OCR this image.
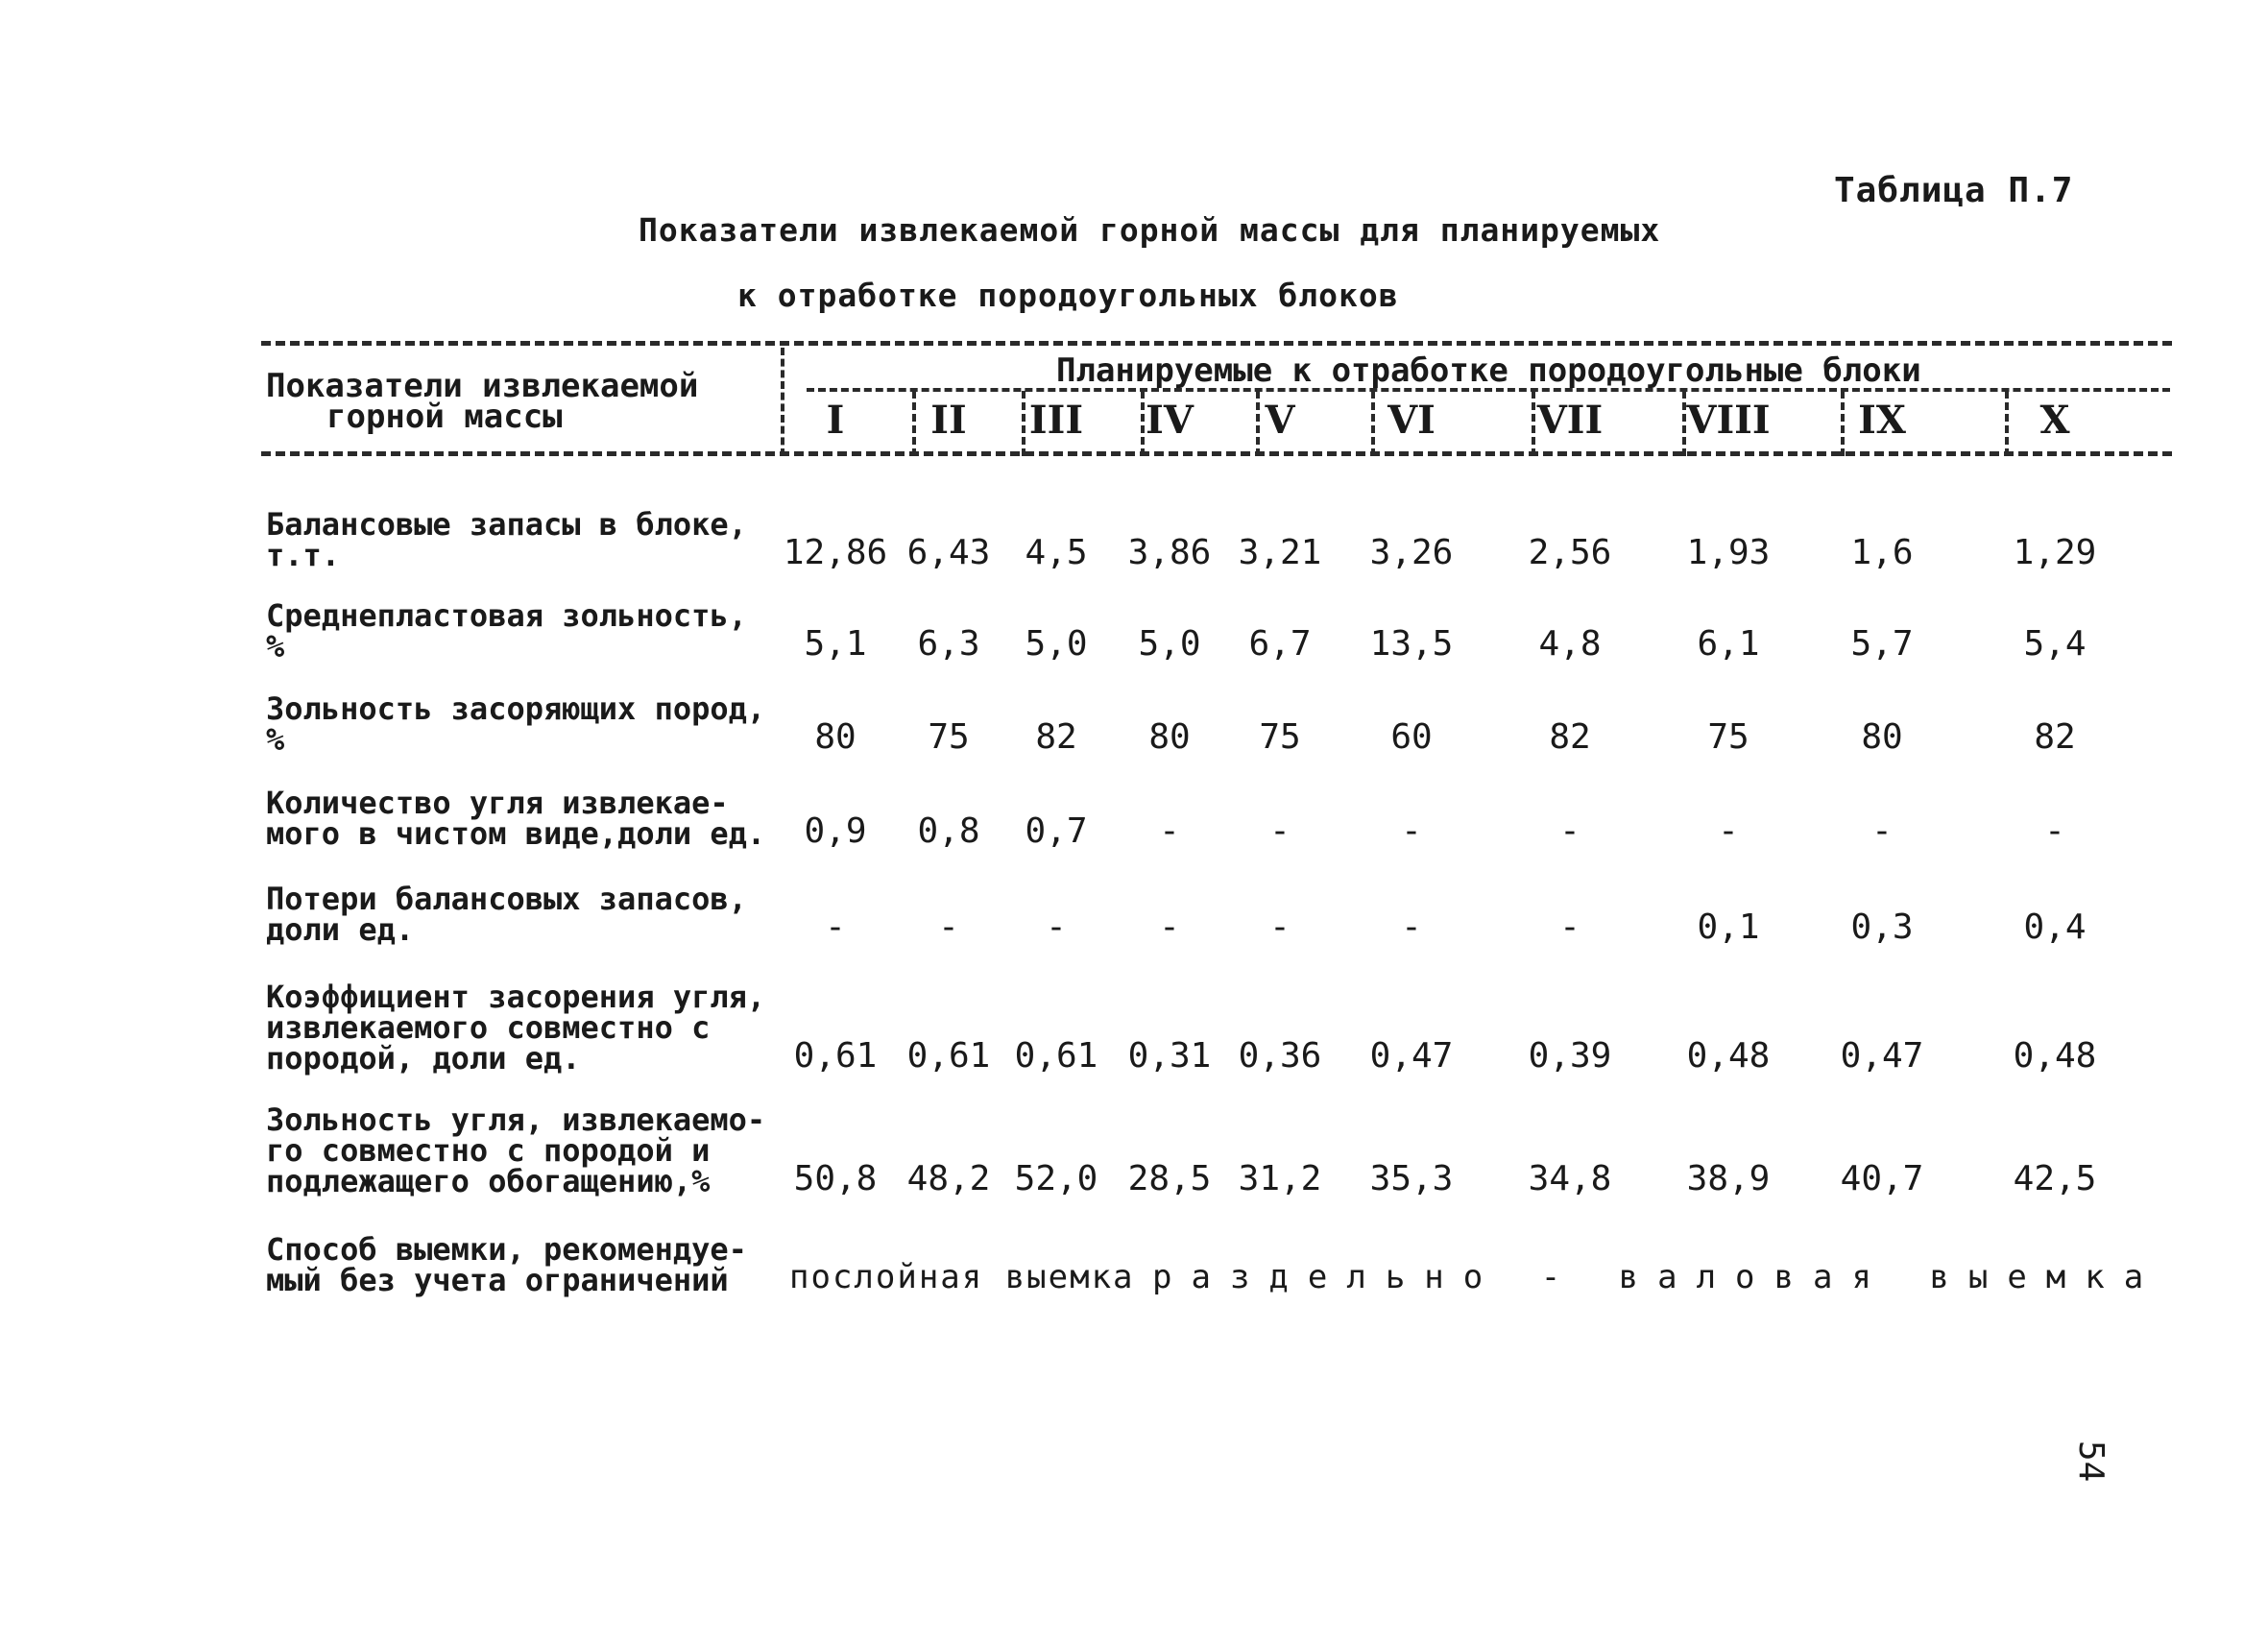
Таблица П.7
Показатели извлекаемой горной массы для планируемых
к отработке породоугольных блоков
Показатели извлекаемой
горной массы
Планируемые к отработке породоугольные блоки
I	II	III	IV	V	VI	VII	VIII	IX	X
Балансовые запасы в блоке,
т.т.	12,86 6,43	4,5	3,86 3,21	3,26	2,56	1,93	1,6	1,29
Среднепластовая зольность,
%	5,1	6,3	5,0	5,0	6,7	13,5	4,8	6,1	5,7	5,4
Зольность засоряющих пород,
%	80	75	82	80	75	60	82	75	80	82
Количество угля извлекае-
мого в чистом виде,доли ед.	0,9	0,8	0,7	-	-	-	-	-	-	-
Потери балансовых запасов,
доли ед.	-	-	-	-	-	-	-	0,1	0,3	0,4
Коэффициент засорения угля,
извлекаемого совместно с
породой, доли ед.	0,61 0,61 0,61 0,31 0,36	0,47	0,39	0,48	0,47	0,48
Зольность угля, извлекаемо-
го совместно с породой и
подлежащего обогащению,%	50,8 48,2 52,0 28,5 31,2	35,3	34,8	38,9	40,7	42,5
Способ выемки, рекомендуе-
мый без учета ограничений	послойная выемка раздельно - валовая выемка
54
